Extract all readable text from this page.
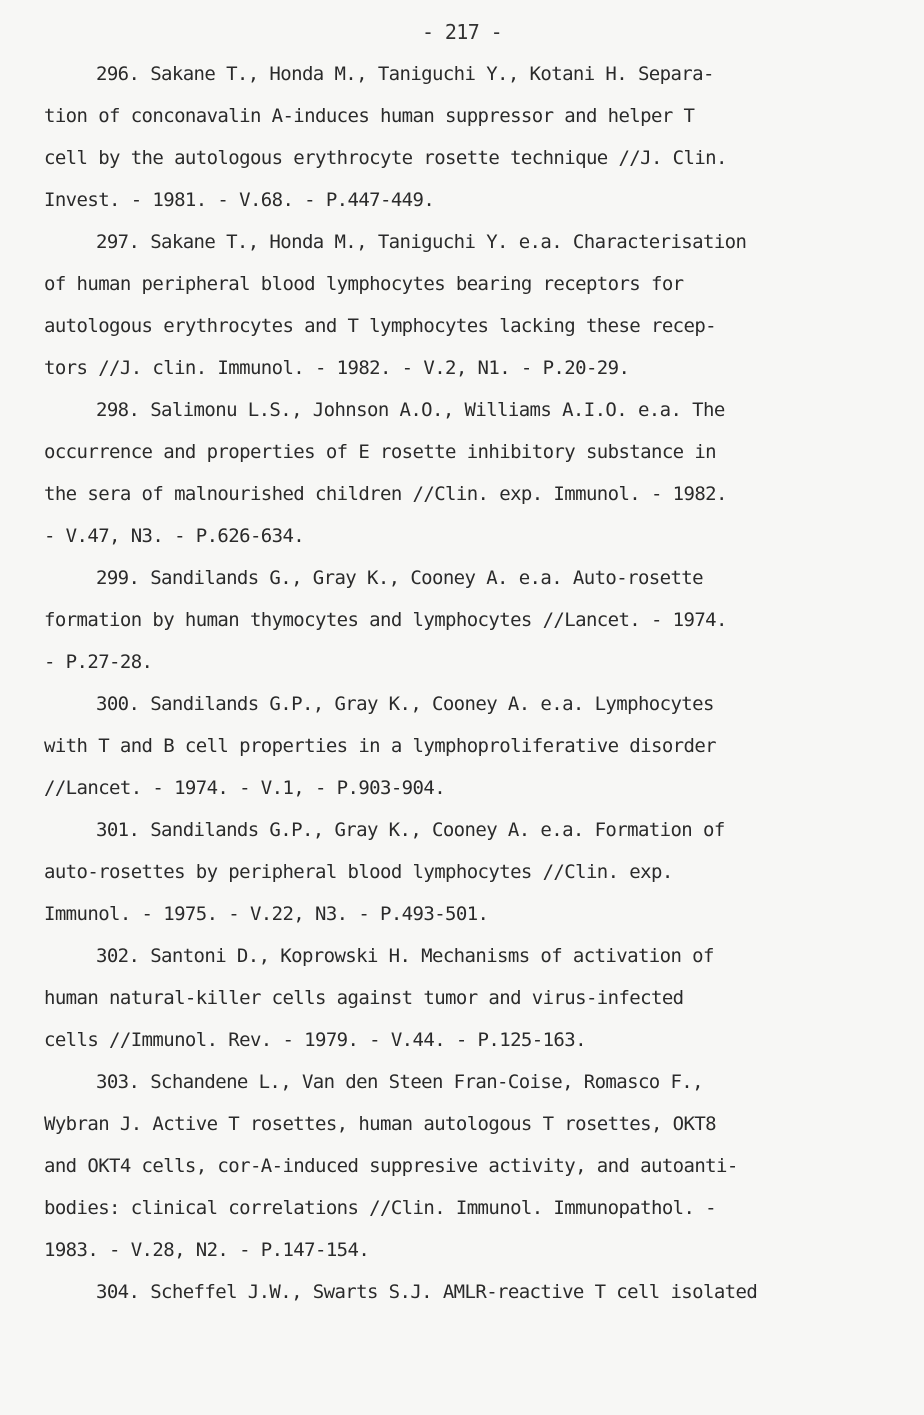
- 217 -
296. Sakane T., Honda M., Taniguchi Y., Kotani H. Separa-
tion of conconavalin A-induces human suppressor and helper T
cell by the autologous erythrocyte rosette technique //J. Clin.
Invest. - 1981. - V.68. - P.447-449.
297. Sakane T., Honda M., Taniguchi Y. e.a. Characterisation
of human peripheral blood lymphocytes bearing receptors for
autologous erythrocytes and T lymphocytes lacking these recep-
tors //J. clin. Immunol. - 1982. - V.2, N1. - P.20-29.
298. Salimonu L.S., Johnson A.O., Williams A.I.O. e.a. The
occurrence and properties of E rosette inhibitory substance in
the sera of malnourished children //Clin. exp. Immunol. - 1982.
- V.47, N3. - P.626-634.
299. Sandilands G., Gray K., Cooney A. e.a. Auto-rosette
formation by human thymocytes and lymphocytes //Lancet. - 1974.
- P.27-28.
300. Sandilands G.P., Gray K., Cooney A. e.a. Lymphocytes
with T and B cell properties in a lymphoproliferative disorder
//Lancet. - 1974. - V.1, - P.903-904.
301. Sandilands G.P., Gray K., Cooney A. e.a. Formation of
auto-rosettes by peripheral blood lymphocytes //Clin. exp.
Immunol. - 1975. - V.22, N3. - P.493-501.
302. Santoni D., Koprowski H. Mechanisms of activation of
human natural-killer cells against tumor and virus-infected
cells //Immunol. Rev. - 1979. - V.44. - P.125-163.
303. Schandene L., Van den Steen Fran-Coise, Romasco F.,
Wybran J. Active T rosettes, human autologous T rosettes, OKT8
and OKT4 cells, cor-A-induced suppresive activity, and autoanti-
bodies: clinical correlations //Clin. Immunol. Immunopathol. -
1983. - V.28, N2. - P.147-154.
304. Scheffel J.W., Swarts S.J. AMLR-reactive T cell isolated
